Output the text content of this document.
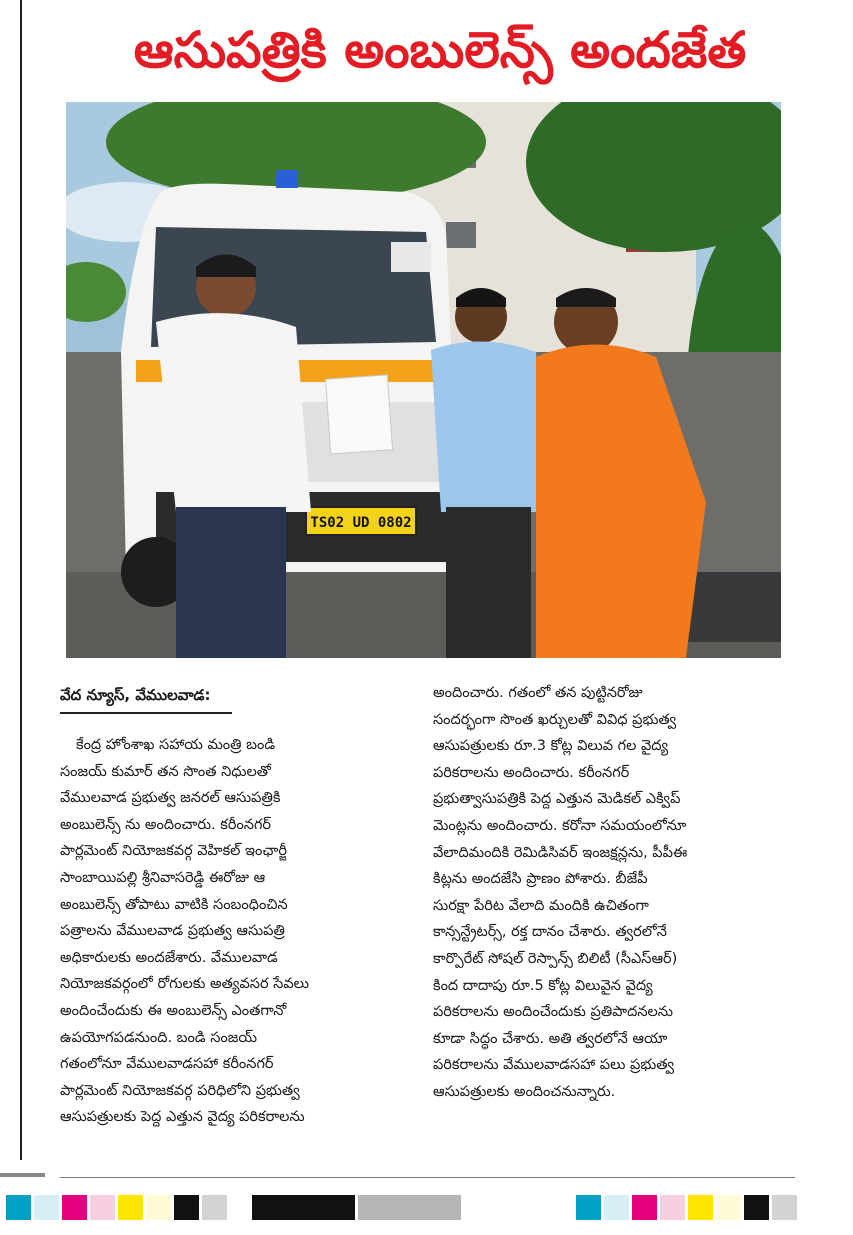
ఆసుపత్రికి అంబులెన్స్ అందజేత
TS02 UD 0802
వేద న్యూస్, వేములవాడ:
కేంద్ర హోంశాఖ సహాయ మంత్రి బండి
సంజయ్ కుమార్ తన సొంత నిధులతో
వేములవాడ ప్రభుత్వ జనరల్ ఆసుపత్రికి
అంబులెన్స్ ను అందించారు. కరీంనగర్
పార్లమెంట్ నియోజకవర్గ వెహికల్ ఇంఛార్జీ
సాంబాయిపల్లి శ్రీనివాసరెడ్డి ఈరోజు ఆ
అంబులెన్స్ తోపాటు వాటికి సంబంధించిన
పత్రాలను వేములవాడ ప్రభుత్వ ఆసుపత్రి
అధికారులకు అందజేశారు. వేములవాడ
నియోజకవర్గంలో రోగులకు అత్యవసర సేవలు
అందించేందుకు ఈ అంబులెన్స్ ఎంతగానో
ఉపయోగపడనుంది. బండి సంజయ్
గతంలోనూ వేములవాడసహా కరీంనగర్
పార్లమెంట్ నియోజకవర్గ పరిధిలోని ప్రభుత్వ
ఆసుపత్రులకు పెద్ద ఎత్తున వైద్య పరికరాలను
అందించారు. గతంలో తన పుట్టినరోజు
సందర్భంగా సొంత ఖర్చులతో వివిధ ప్రభుత్వ
ఆసుపత్రులకు రూ.3 కోట్ల విలువ గల వైద్య
పరికరాలను అందించారు. కరీంనగర్
ప్రభుత్వాసుపత్రికి పెద్ద ఎత్తున మెడికల్ ఎక్విప్
మెంట్లను అందించారు. కరోనా సమయంలోనూ
వేలాదిమందికి రెమిడిసివర్ ఇంజక్షన్లను, పీపీఈ
కిట్లను అందజేసి ప్రాణం పోశారు. బీజేపీ
సురక్షా పేరిట వేలాది మందికి ఉచితంగా
కాన్సన్ట్రేటర్స్, రక్త దానం చేశారు. త్వరలోనే
కార్పొరేట్ సోషల్ రెస్పాన్స్ బిలిటీ (సీఎస్ఆర్)
కింద దాదాపు రూ.5 కోట్ల విలువైన వైద్య
పరికరాలను అందించేందుకు ప్రతిపాదనలను
కూడా సిద్ధం చేశారు. అతి త్వరలోనే ఆయా
పరికరాలను వేములవాడసహా పలు ప్రభుత్వ
ఆసుపత్రులకు అందించనున్నారు.
